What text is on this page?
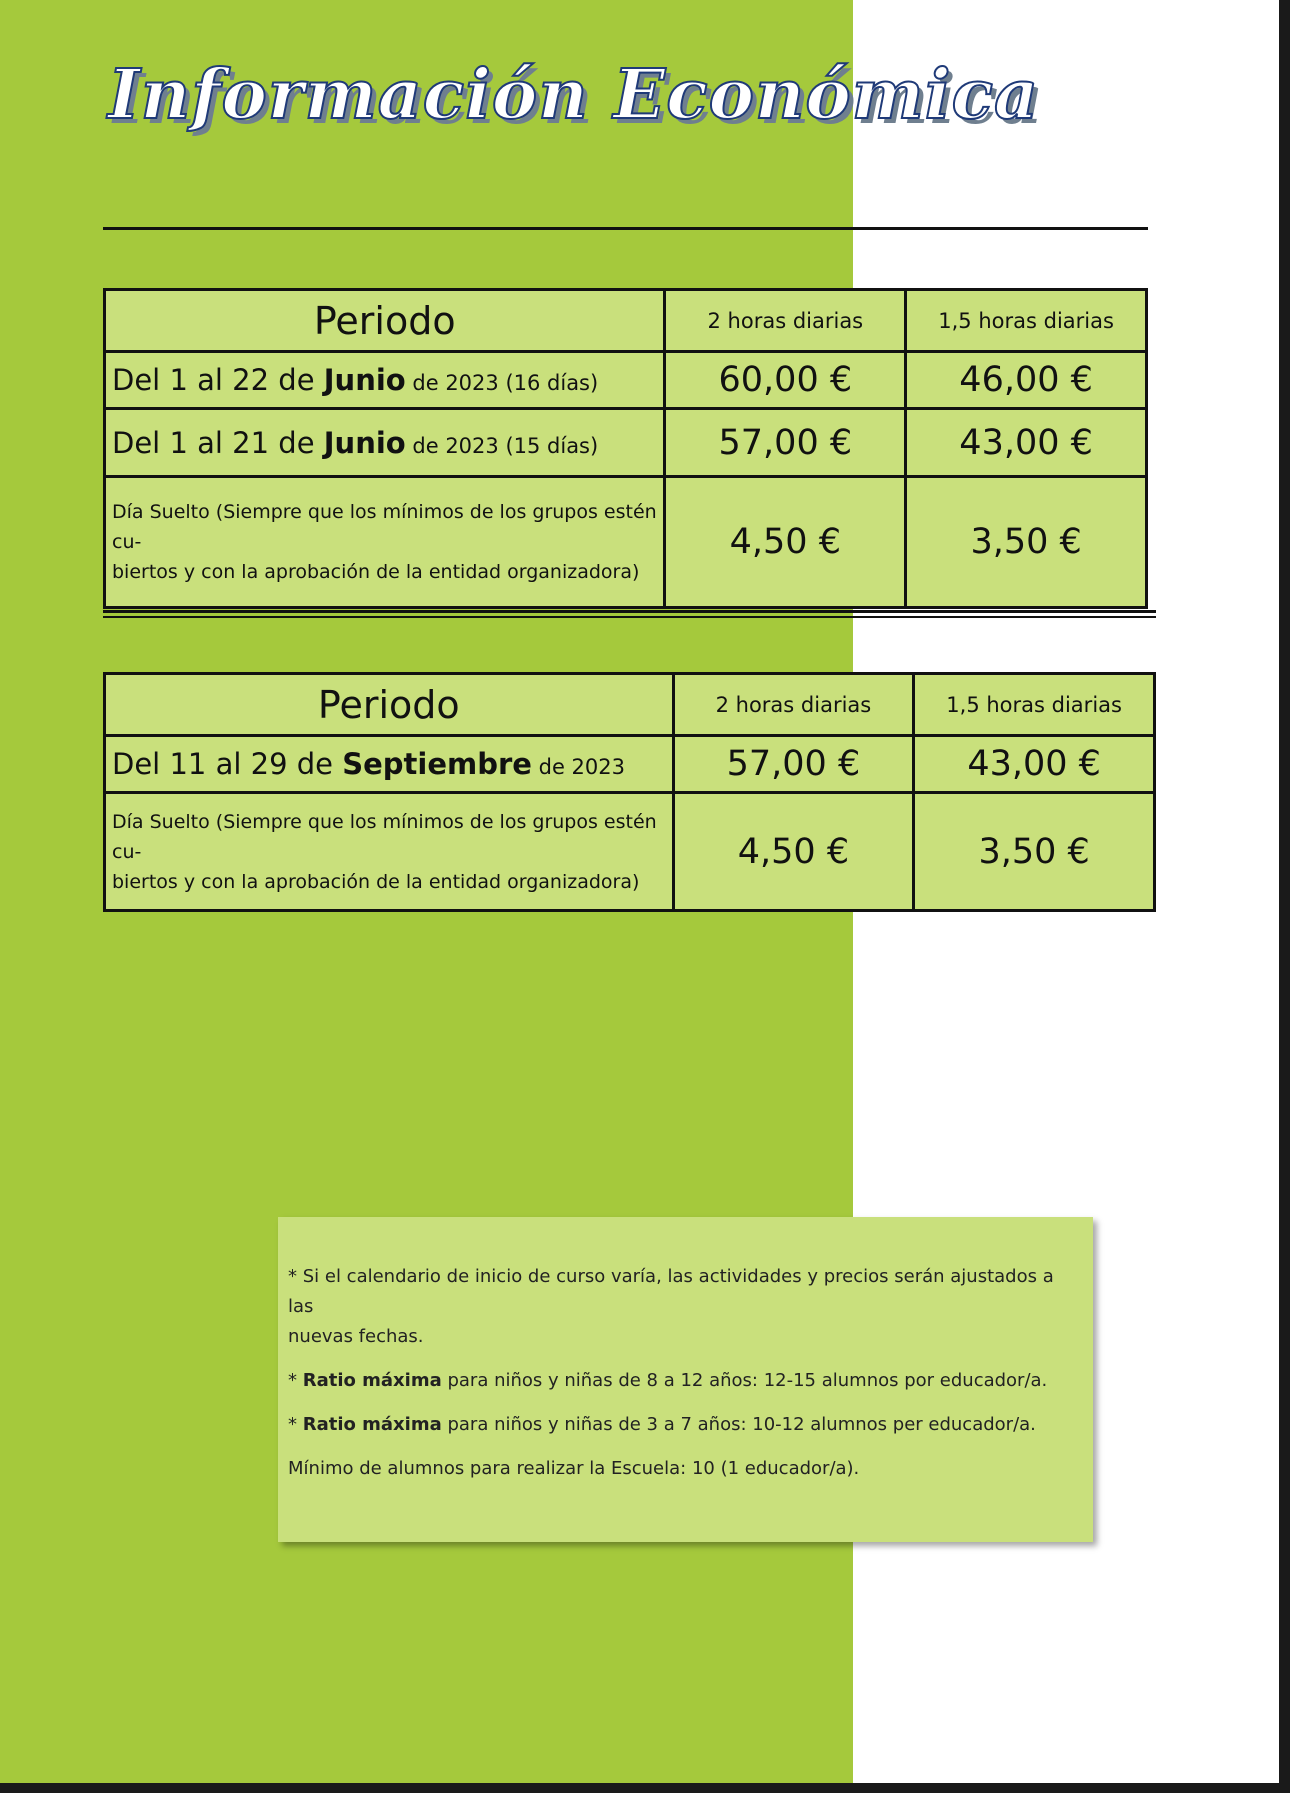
Información Económica
Periodo	2 horas diarias	1,5 horas diarias
Del 1 al 22 de Junio de 2023 (16 días)	60,00 €	46,00 €
Del 1 al 21 de Junio de 2023 (15 días)	57,00 €	43,00 €
Día Suelto (Siempre que los mínimos de los grupos estén cu-
biertos y con la aprobación de la entidad organizadora)	4,50 €	3,50 €
Periodo	2 horas diarias	1,5 horas diarias
Del 11 al 29 de Septiembre de 2023	57,00 €	43,00 €
Día Suelto (Siempre que los mínimos de los grupos estén cu-
biertos y con la aprobación de la entidad organizadora)	4,50 €	3,50 €

* Si el calendario de inicio de curso varía, las actividades y precios serán ajustados a las
nuevas fechas.

* Ratio máxima para niños y niñas de 8 a 12 años: 12-15 alumnos por educador/a.

* Ratio máxima para niños y niñas de 3 a 7 años: 10-12 alumnos per educador/a.

Mínimo de alumnos para realizar la Escuela: 10 (1 educador/a).
